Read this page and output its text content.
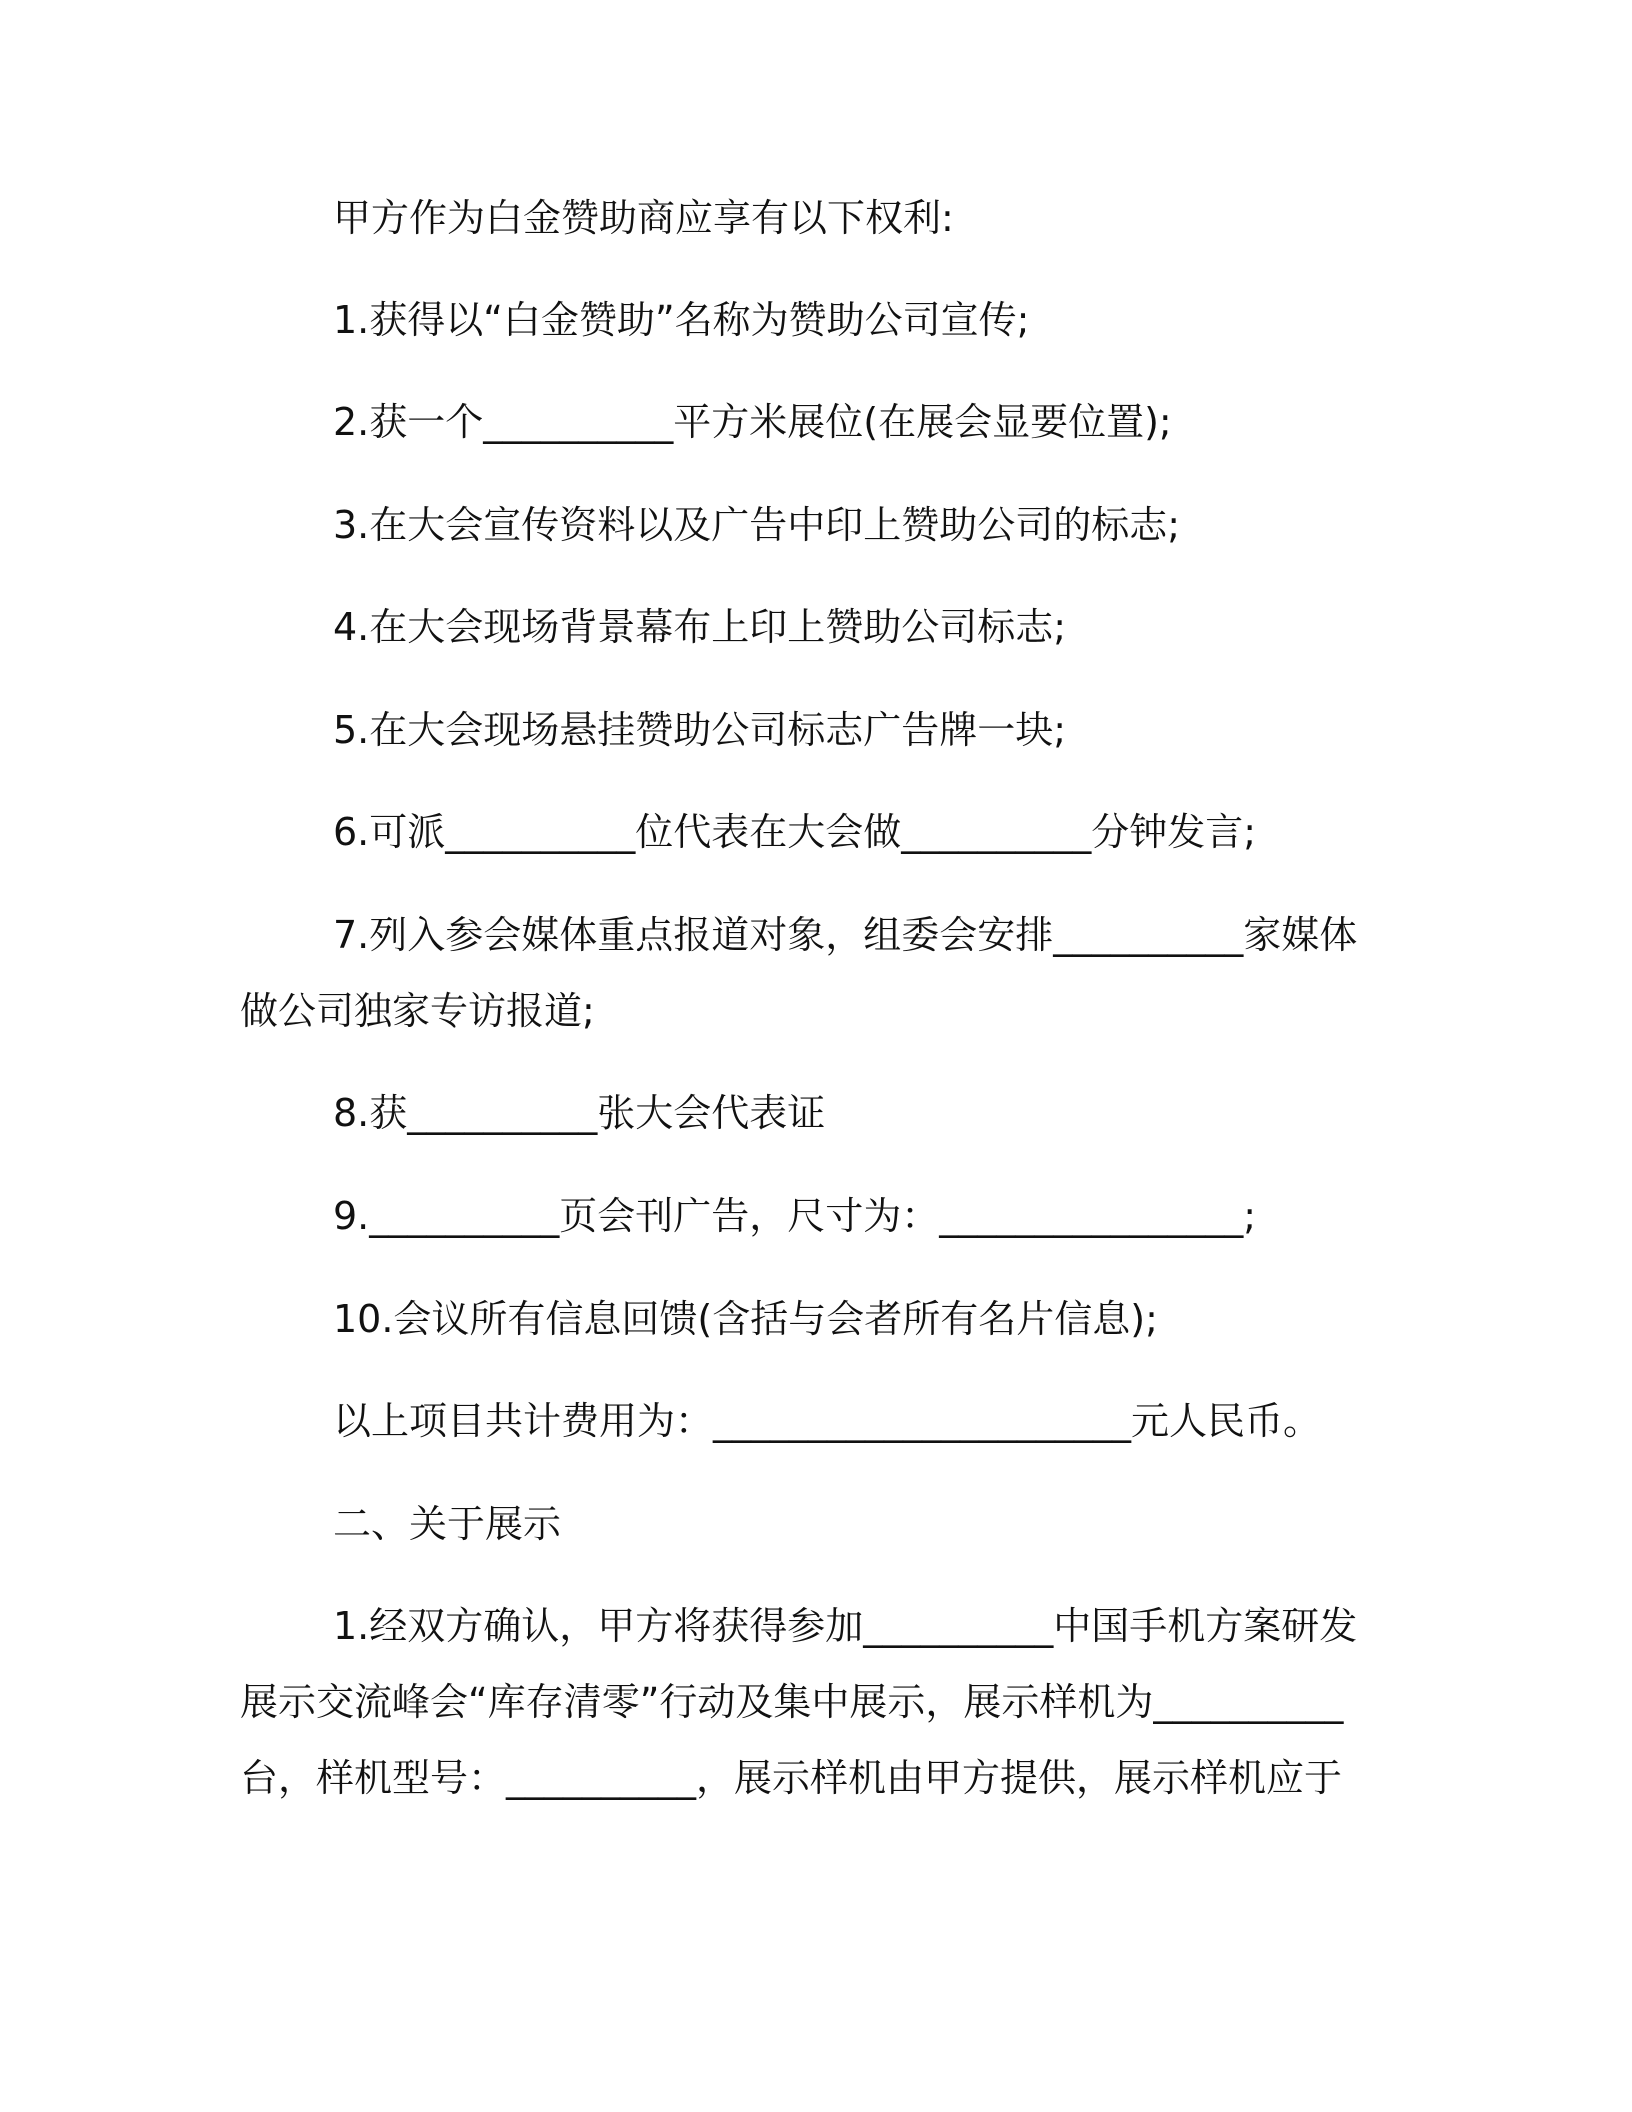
甲方作为白金赞助商应享有以下权利:
1.获得以“白金赞助”名称为赞助公司宣传;
2.获一个__________平方米展位(在展会显要位置);
3.在大会宣传资料以及广告中印上赞助公司的标志;
4.在大会现场背景幕布上印上赞助公司标志;
5.在大会现场悬挂赞助公司标志广告牌一块;
6.可派__________位代表在大会做__________分钟发言;
7.列入参会媒体重点报道对象，组委会安排__________家媒体
做公司独家专访报道;
8.获__________张大会代表证
9.__________页会刊广告，尺寸为：________________;
10.会议所有信息回馈(含括与会者所有名片信息);
以上项目共计费用为：______________________元人民币。
二、关于展示
1.经双方确认，甲方将获得参加__________中国手机方案研发
展示交流峰会“库存清零”行动及集中展示，展示样机为__________
台，样机型号：__________，展示样机由甲方提供，展示样机应于
